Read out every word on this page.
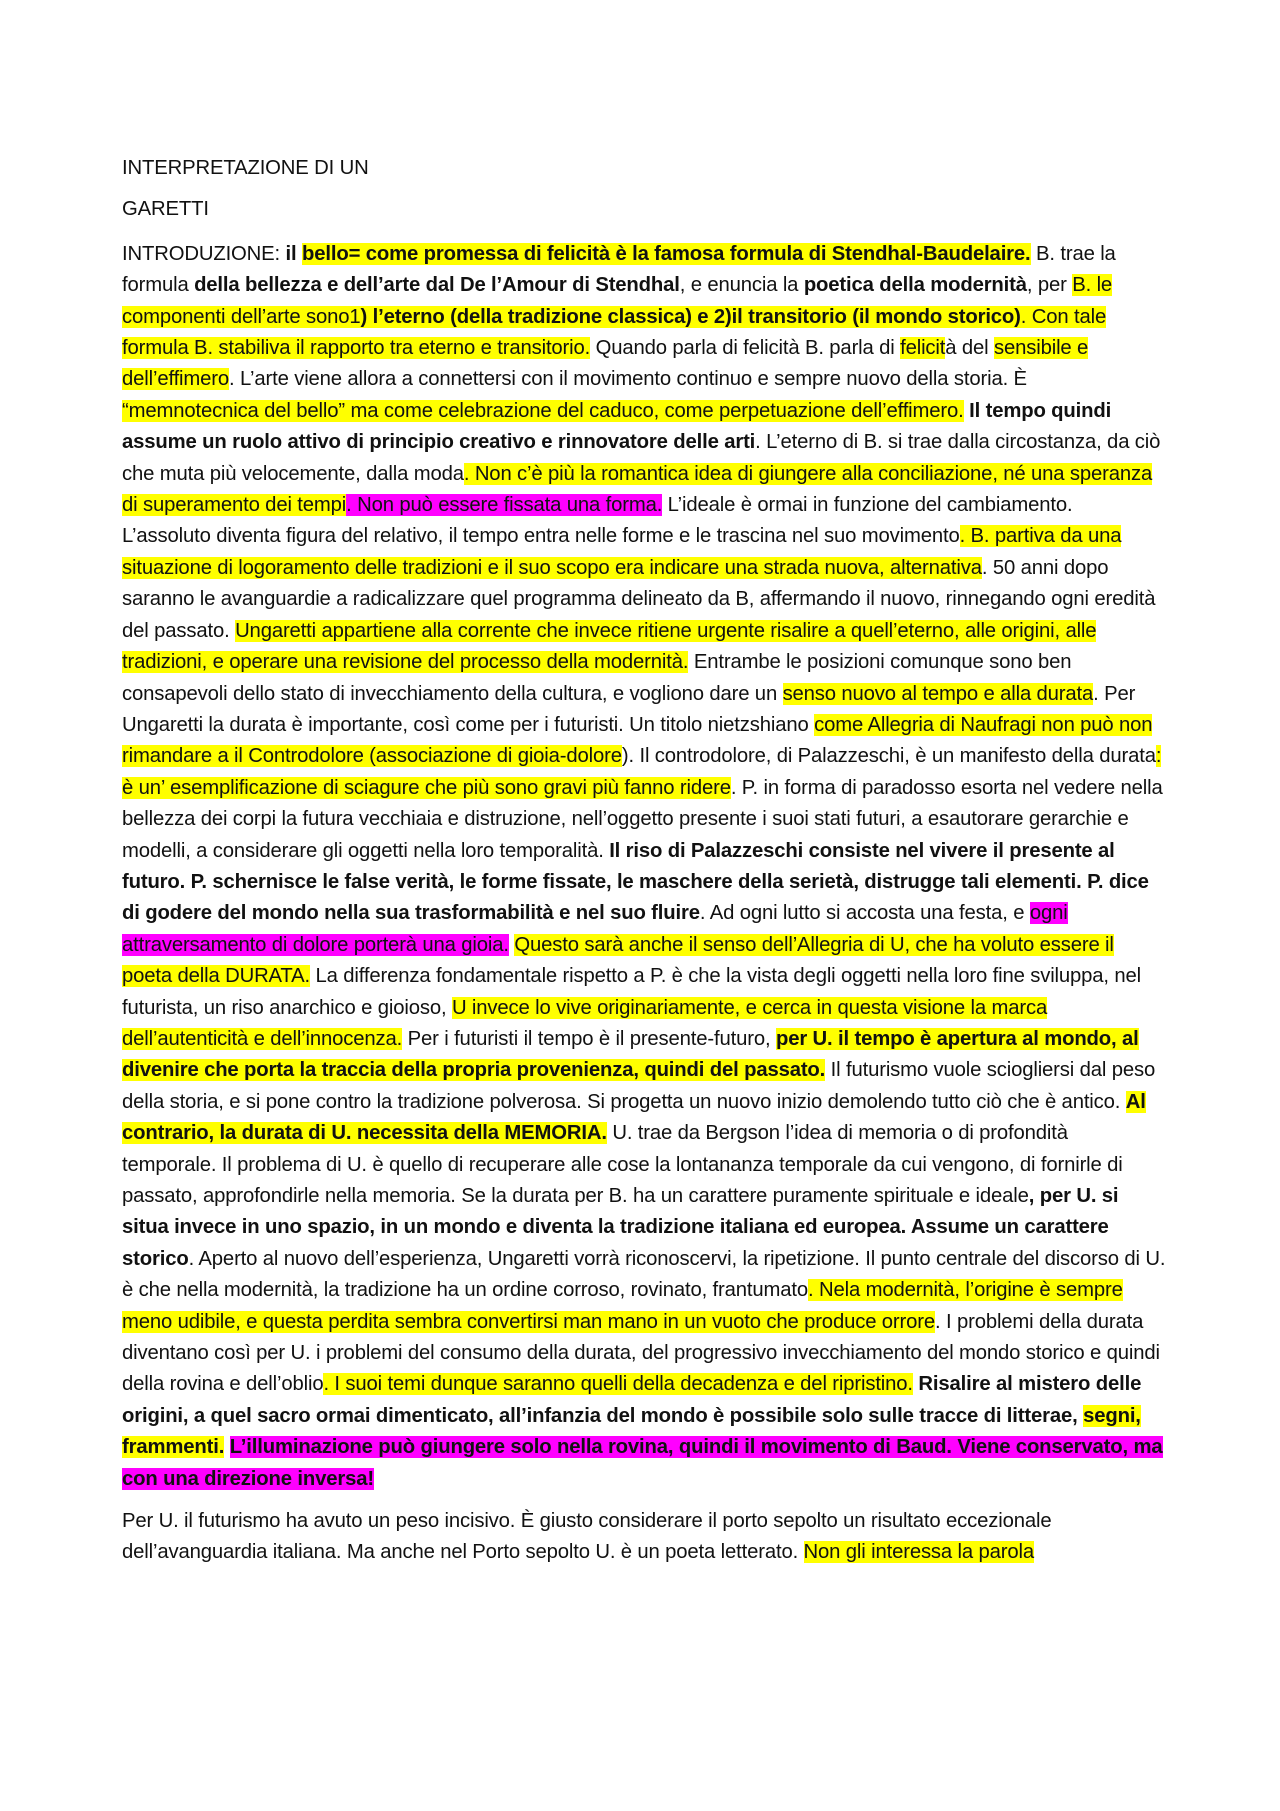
INTERPRETAZIONE DI UN

GARETTI

INTRODUZIONE: il bello= come promessa di felicità è la famosa formula di Stendhal-Baudelaire. B. trae la formula della bellezza e dell’arte dal De l’Amour di Stendhal, e enuncia la poetica della modernità, per B. le componenti dell’arte sono1) l’eterno (della tradizione classica) e 2)il transitorio (il mondo storico). Con tale formula B. stabiliva il rapporto tra eterno e transitorio. Quando parla di felicità B. parla di felicità del sensibile e dell’effimero. L’arte viene allora a connettersi con il movimento continuo e sempre nuovo della storia. È “memnotecnica del bello” ma come celebrazione del caduco, come perpetuazione dell’effimero. Il tempo quindi assume un ruolo attivo di principio creativo e rinnovatore delle arti. L’eterno di B. si trae dalla circostanza, da ciò che muta più velocemente, dalla moda. Non c’è più la romantica idea di giungere alla conciliazione, né una speranza di superamento dei tempi. Non può essere fissata una forma. L’ideale è ormai in funzione del cambiamento. L’assoluto diventa figura del relativo, il tempo entra nelle forme e le trascina nel suo movimento. B. partiva da una situazione di logoramento delle tradizioni e il suo scopo era indicare una strada nuova, alternativa. 50 anni dopo saranno le avanguardie a radicalizzare quel programma delineato da B, affermando il nuovo, rinnegando ogni eredità del passato. Ungaretti appartiene alla corrente che invece ritiene urgente risalire a quell’eterno, alle origini, alle tradizioni, e operare una revisione del processo della modernità. Entrambe le posizioni comunque sono ben consapevoli dello stato di invecchiamento della cultura, e vogliono dare un senso nuovo al tempo e alla durata. Per Ungaretti la durata è importante, così come per i futuristi. Un titolo nietzshiano come Allegria di Naufragi non può non rimandare a il Controdolore (associazione di gioia-dolore). Il controdolore, di Palazzeschi, è un manifesto della durata: è un’ esemplificazione di sciagure che più sono gravi più fanno ridere. P. in forma di paradosso esorta nel vedere nella bellezza dei corpi la futura vecchiaia e distruzione, nell’oggetto presente i suoi stati futuri, a esautorare gerarchie e modelli, a considerare gli oggetti nella loro temporalità. Il riso di Palazzeschi consiste nel vivere il presente al futuro. P. schernisce le false verità, le forme fissate, le maschere della serietà, distrugge tali elementi. P. dice di godere del mondo nella sua trasformabilità e nel suo fluire. Ad ogni lutto si accosta una festa, e ogni attraversamento di dolore porterà una gioia. Questo sarà anche il senso dell’Allegria di U, che ha voluto essere il poeta della DURATA. La differenza fondamentale rispetto a P. è che la vista degli oggetti nella loro fine sviluppa, nel futurista, un riso anarchico e gioioso, U invece lo vive originariamente, e cerca in questa visione la marca dell’autenticità e dell’innocenza. Per i futuristi il tempo è il presente-futuro, per U. il tempo è apertura al mondo, al divenire che porta la traccia della propria provenienza, quindi del passato. Il futurismo vuole sciogliersi dal peso della storia, e si pone contro la tradizione polverosa. Si progetta un nuovo inizio demolendo tutto ciò che è antico. Al contrario, la durata di U. necessita della MEMORIA. U. trae da Bergson l’idea di memoria o di profondità temporale. Il problema di U. è quello di recuperare alle cose la lontananza temporale da cui vengono, di fornirle di passato, approfondirle nella memoria. Se la durata per B. ha un carattere puramente spirituale e ideale, per U. si situa invece in uno spazio, in un mondo e diventa la tradizione italiana ed europea. Assume un carattere storico. Aperto al nuovo dell’esperienza, Ungaretti vorrà riconoscervi, la ripetizione. Il punto centrale del discorso di U. è che nella modernità, la tradizione ha un ordine corroso, rovinato, frantumato. Nela modernità, l’origine è sempre meno udibile, e questa perdita sembra convertirsi man mano in un vuoto che produce orrore. I problemi della durata diventano così per U. i problemi del consumo della durata, del progressivo invecchiamento del mondo storico e quindi della rovina e dell’oblio. I suoi temi dunque saranno quelli della decadenza e del ripristino. Risalire al mistero delle origini, a quel sacro ormai dimenticato, all’infanzia del mondo è possibile solo sulle tracce di litterae, segni, frammenti. L’illuminazione può giungere solo nella rovina, quindi il movimento di Baud. Viene conservato, ma con una direzione inversa!

Per U. il futurismo ha avuto un peso incisivo. È giusto considerare il porto sepolto un risultato eccezionale dell’avanguardia italiana. Ma anche nel Porto sepolto U. è un poeta letterato. Non gli interessa la parola
